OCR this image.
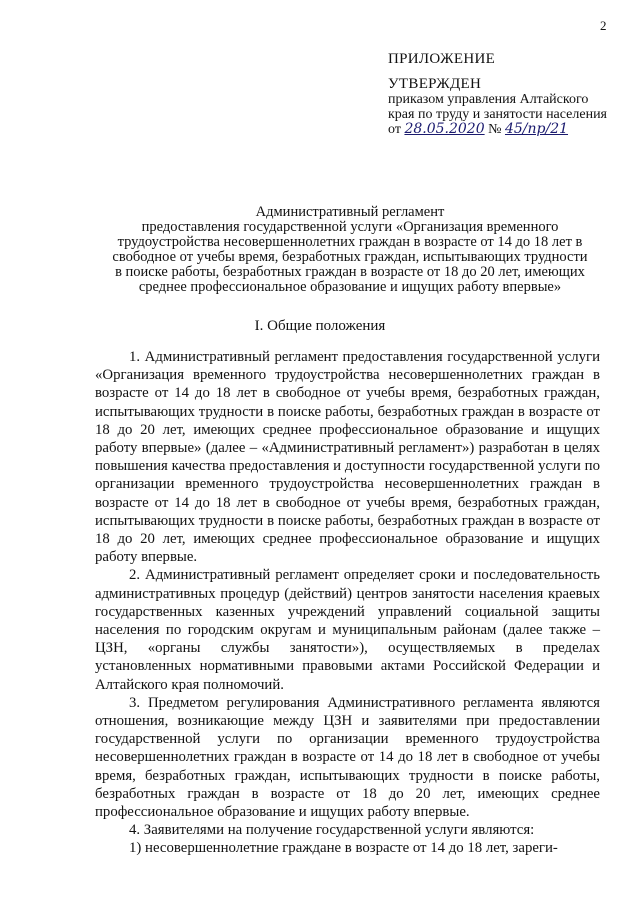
2
ПРИЛОЖЕНИЕ
УТВЕРЖДЕН
приказом управления Алтайского края по труду и занятости населения
от
28.05.2020
№
45/пр/21
Административный регламент
предоставления государственной услуги «Организация временного трудоустройства несовершеннолетних граждан в возрасте от 14 до 18 лет в свободное от учебы время, безработных граждан, испытывающих трудности в поиске работы, безработных граждан в возрасте от 18 до 20 лет, имеющих среднее профессиональное образование и ищущих работу впервые»
I. Общие положения

1. Административный регламент предоставления государственной услуги «Организация временного трудоустройства несовершеннолетних граждан в возрасте от 14 до 18 лет в свободное от учебы время, безработных граждан, испытывающих трудности в поиске работы, безработных граждан в возрасте от 18 до 20 лет, имеющих среднее профессиональное образование и ищущих работу впервые» (далее – «Административный регламент») разработан в целях повышения качества предоставления и доступности государственной услуги по организации временного трудоустройства несовершеннолетних граждан в возрасте от 14 до 18 лет в свободное от учебы время, безработных граждан, испытывающих трудности в поиске работы, безработных граждан в возрасте от 18 до 20 лет, имеющих среднее профессиональное образование и ищущих работу впервые.

2. Административный регламент определяет сроки и последовательность административных процедур (действий) центров занятости населения краевых государственных казенных учреждений управлений социальной защиты населения по городским округам и муниципальным районам (далее также – ЦЗН, «органы службы занятости»), осуществляемых в пределах установленных нормативными правовыми актами Российской Федерации и Алтайского края полномочий.

3. Предметом регулирования Административного регламента являются отношения, возникающие между ЦЗН и заявителями при предоставлении государственной услуги по организации временного трудоустройства несовершеннолетних граждан в возрасте от 14 до 18 лет в свободное от учебы время, безработных граждан, испытывающих трудности в поиске работы, безработных граждан в возрасте от 18 до 20 лет, имеющих среднее профессиональное образование и ищущих работу впервые.

4. Заявителями на получение государственной услуги являются:

1) несовершеннолетние граждане в возрасте от 14 до 18 лет, зареги-
